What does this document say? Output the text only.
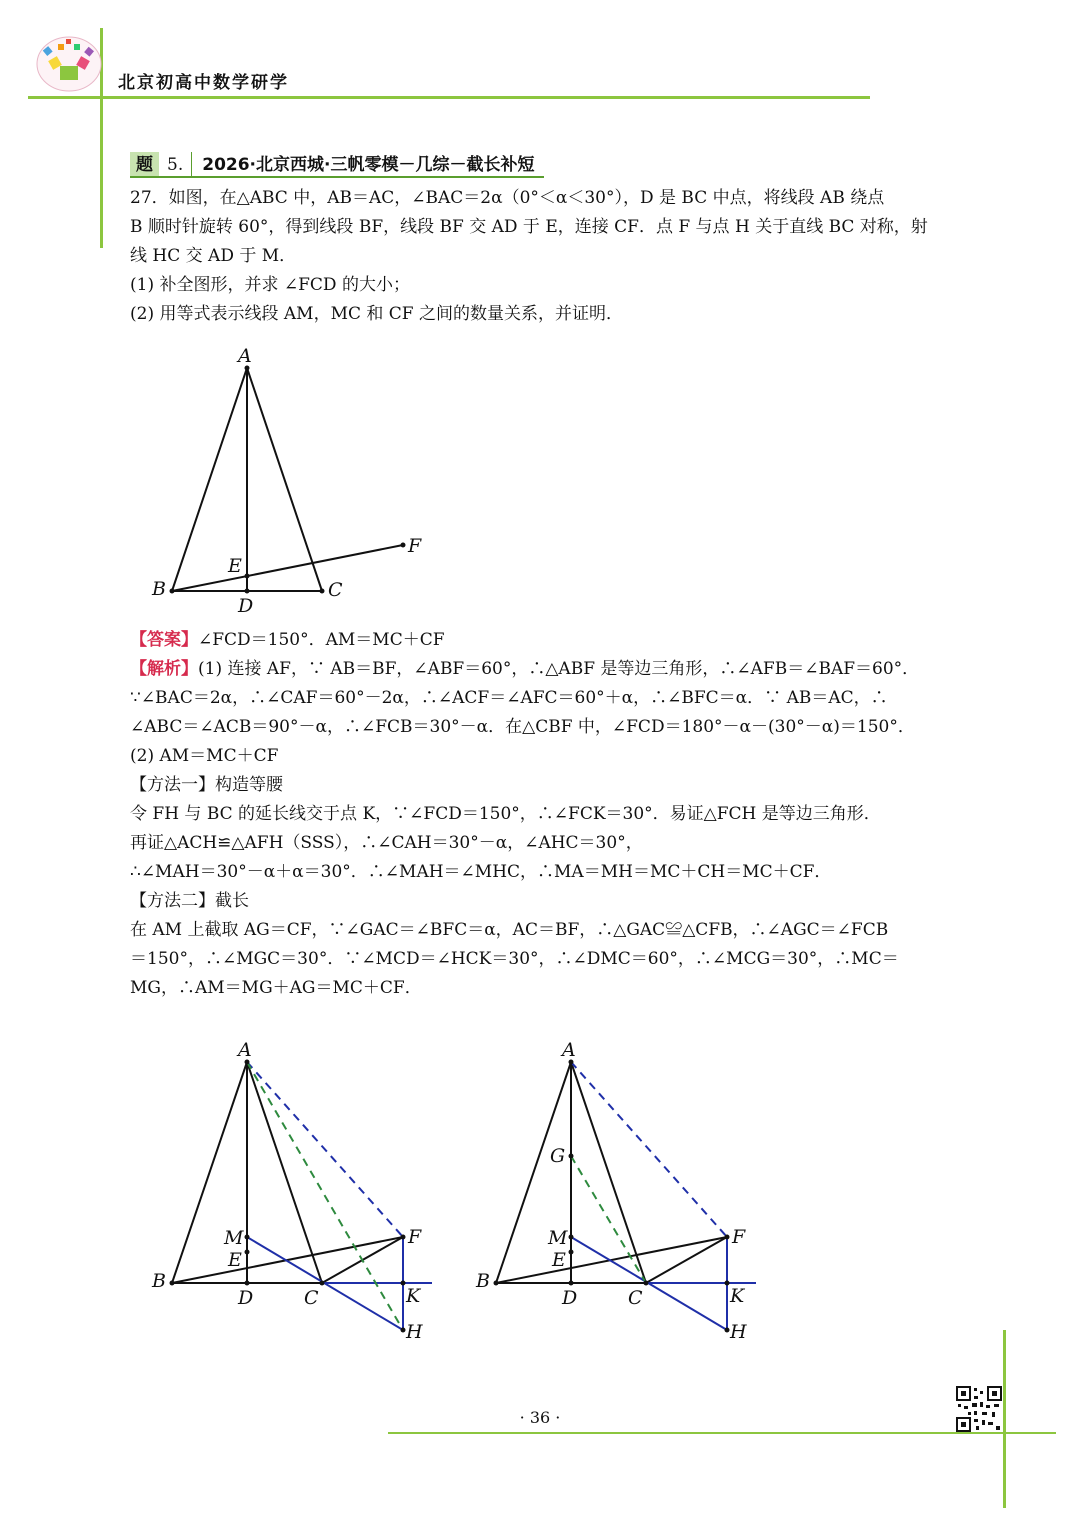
北京初高中数学研学
题 5.	2026·北京西城·三帆零模－几综－截长补短

27．如图，在△ABC 中，AB＝AC，∠BAC＝2α（0°＜α＜30°），D 是 BC 中点，将线段 AB 绕点

B 顺时针旋转 60°，得到线段 BF，线段 BF 交 AD 于 E，连接 CF．点 F 与点 H 关于直线 BC 对称，射

线 HC 交 AD 于 M．

(1) 补全图形，并求 ∠FCD 的大小；

(2) 用等式表示线段 AM，MC 和 CF 之间的数量关系，并证明．

A
B	C
D
E
F

【答案】∠FCD＝150°．AM＝MC＋CF

【解析】(1) 连接 AF，∵ AB＝BF，∠ABF＝60°，∴△ABF 是等边三角形，∴∠AFB＝∠BAF＝60°．

∵∠BAC＝2α，∴∠CAF＝60°－2α，∴∠ACF＝∠AFC＝60°＋α，∴∠BFC＝α．∵ AB＝AC，∴

∠ABC＝∠ACB＝90°－α，∴∠FCB＝30°－α．在△CBF 中，∠FCD＝180°－α－(30°－α)＝150°．

(2) AM＝MC＋CF

【方法一】构造等腰

令 FH 与 BC 的延长线交于点 K，∵∠FCD＝150°，∴∠FCK＝30°．易证△FCH 是等边三角形．

再证△ACH≌△AFH（SSS），∴∠CAH＝30°－α，∠AHC＝30°，

∴∠MAH＝30°－α＋α＝30°．∴∠MAH＝∠MHC，∴MA＝MH＝MC＋CH＝MC＋CF．

【方法二】截长

在 AM 上截取 AG＝CF，∵∠GAC＝∠BFC＝α，AC＝BF，∴△GAC≌△CFB，∴∠AGC＝∠FCB

＝150°，∴∠MGC＝30°．∵∠MCD＝∠HCK＝30°，∴∠DMC＝60°，∴∠MCG＝30°，∴MC＝

MG，∴AM＝MG＋AG＝MC＋CF．

A
M
E
B
D	C	K
F
H
A
G
M
E
B
D	C	K
F
H
· 36 ·
